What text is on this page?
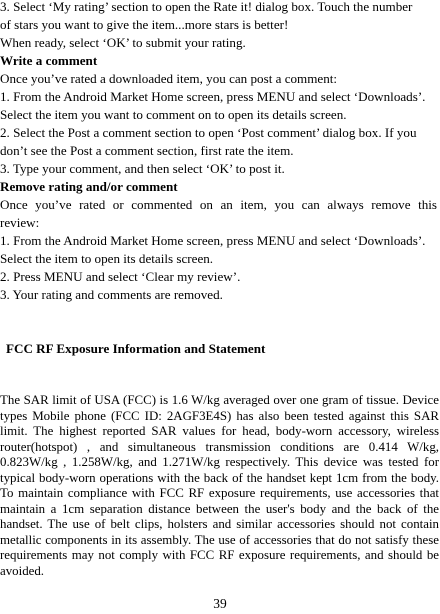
3. Select ‘My rating’ section to open the Rate it! dialog box. Touch the number
of stars you want to give the item...more stars is better!
When ready, select ‘OK’ to submit your rating.
Write a comment
Once you’ve rated a downloaded item, you can post a comment:
1. From the Android Market Home screen, press MENU and select ‘Downloads’.
Select the item you want to comment on to open its details screen.
2. Select the Post a comment section to open ‘Post comment’ dialog box. If you
don’t see the Post a comment section, first rate the item.
3. Type your comment, and then select ‘OK’ to post it.
Remove rating and/or comment
Once you’ve rated or commented on an item, you can always remove this
review:
1. From the Android Market Home screen, press MENU and select ‘Downloads’.
Select the item to open its details screen.
2. Press MENU and select ‘Clear my review’.
3. Your rating and comments are removed.
FCC RF Exposure Information and Statement
The SAR limit of USA (FCC) is 1.6 W/kg averaged over one gram of tissue. Device types Mobile phone (FCC ID: 2AGF3E4S) has also been tested against this SAR limit. The highest reported SAR values for head, body-worn accessory, wireless router(hotspot) , and simultaneous transmission conditions are 0.414 W/kg, 0.823W/kg , 1.258W/kg, and 1.271W/kg respectively. This device was tested for typical body-worn operations with the back of the handset kept 1cm from the body. To maintain compliance with FCC RF exposure requirements, use accessories that maintain a 1cm separation distance between the user's body and the back of the handset. The use of belt clips, holsters and similar accessories should not contain metallic components in its assembly. The use of accessories that do not satisfy these requirements may not comply with FCC RF exposure requirements, and should be avoided.
39
